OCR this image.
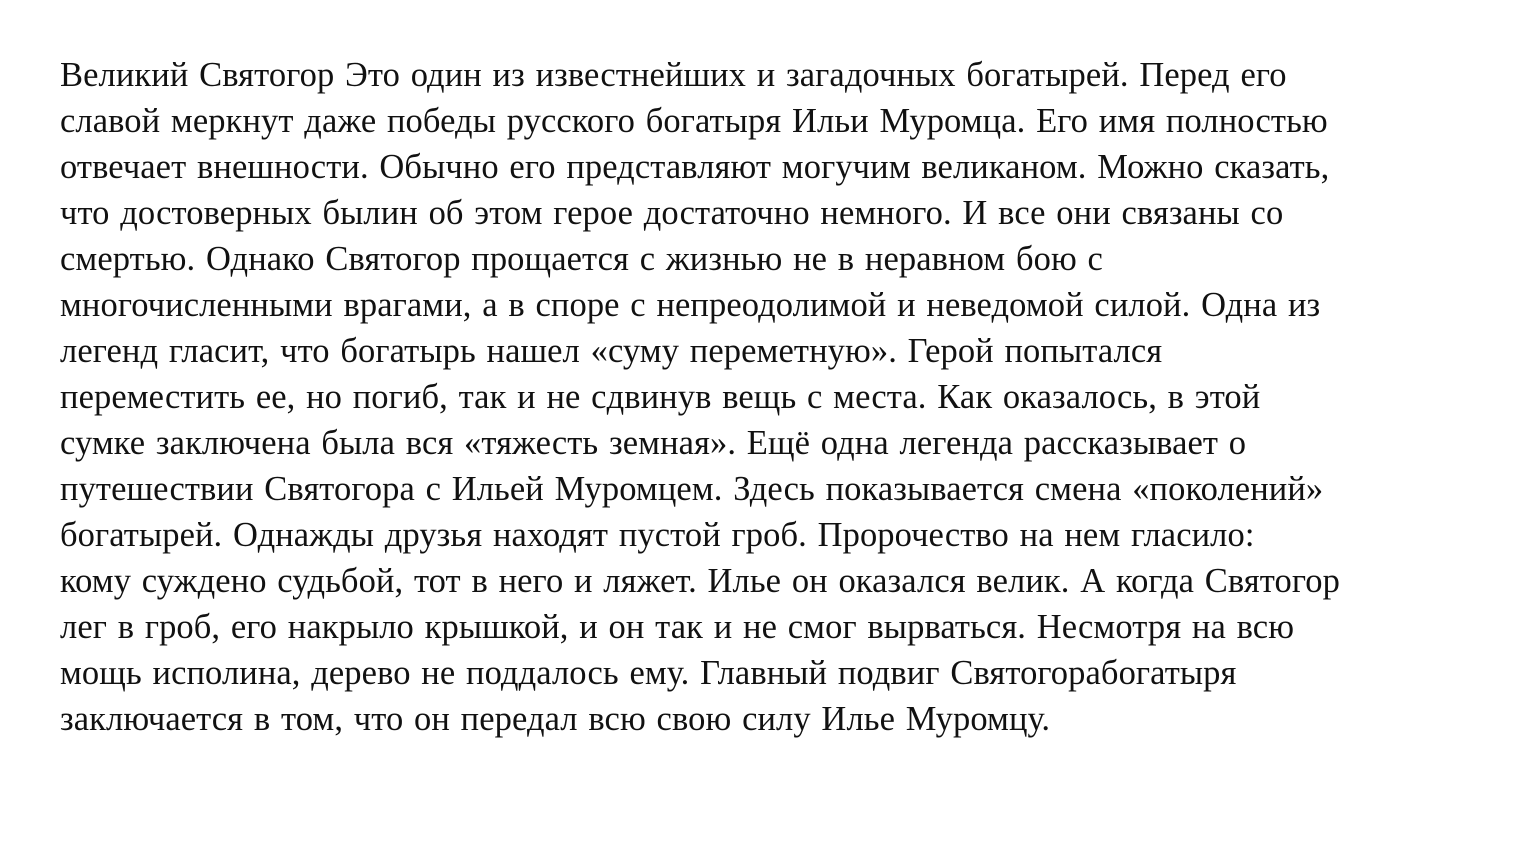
Великий Святогор Это один из известнейших и загадочных богатырей. Перед его
славой меркнут даже победы русского богатыря Ильи Муромца. Его имя полностью
отвечает внешности. Обычно его представляют могучим великаном. Можно сказать,
что достоверных былин об этом герое достаточно немного. И все они связаны со
смертью. Однако Святогор прощается с жизнью не в неравном бою с
многочисленными врагами, а в споре с непреодолимой и неведомой силой. Одна из
легенд гласит, что богатырь нашел «суму переметную». Герой попытался
переместить ее, но погиб, так и не сдвинув вещь с места. Как оказалось, в этой
сумке заключена была вся «тяжесть земная». Ещё одна легенда рассказывает о
путешествии Святогора с Ильей Муромцем. Здесь показывается смена «поколений»
богатырей. Однажды друзья находят пустой гроб. Пророчество на нем гласило:
кому суждено судьбой, тот в него и ляжет. Илье он оказался велик. А когда Святогор
лег в гроб, его накрыло крышкой, и он так и не смог вырваться. Несмотря на всю
мощь исполина, дерево не поддалось ему. Главный подвиг Святогорабогатыря
заключается в том, что он передал всю свою силу Илье Муромцу.
